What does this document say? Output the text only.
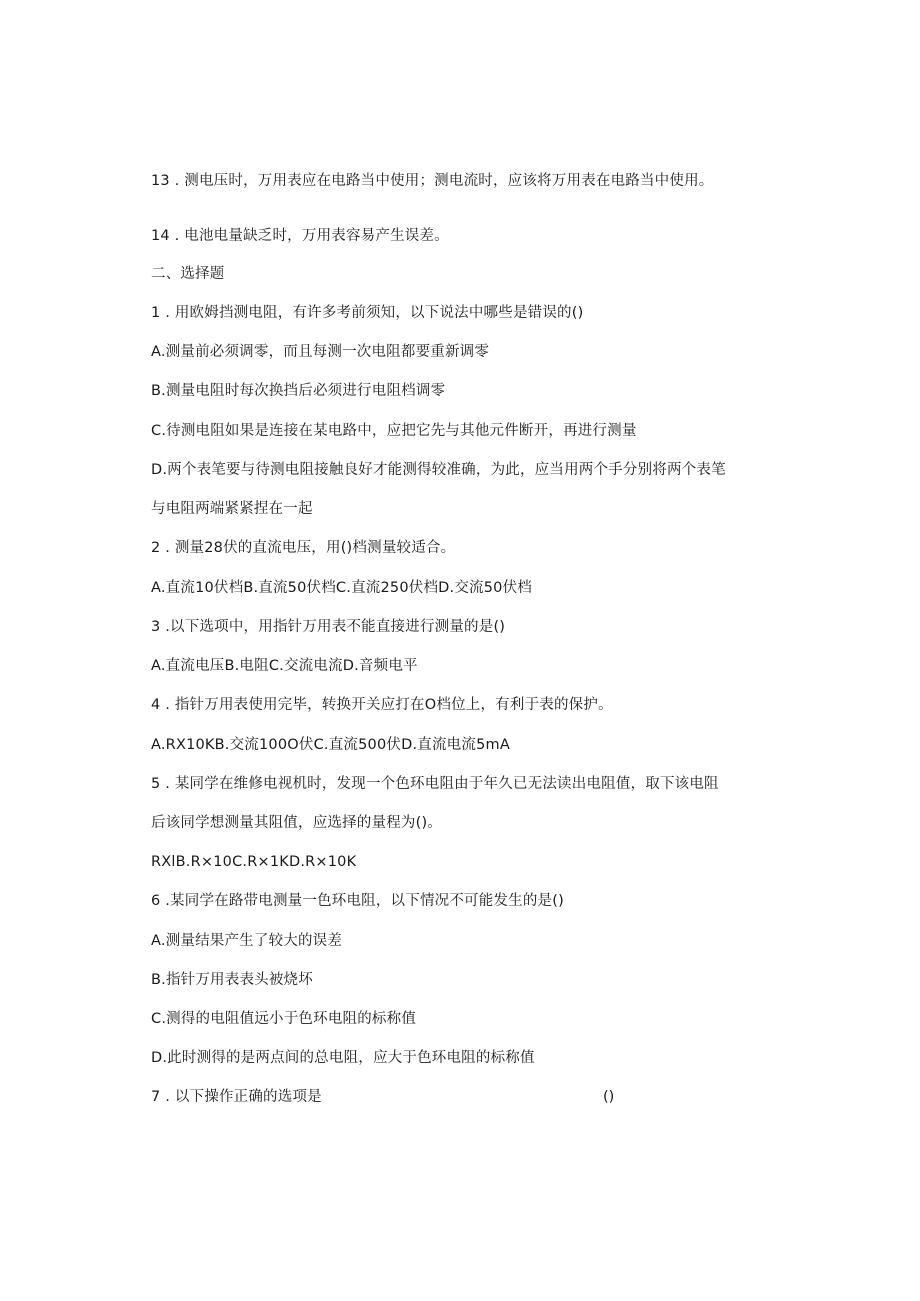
13 . 测电压时，万用表应在电路当中使用；测电流时，应该将万用表在电路当中使用。
14 . 电池电量缺乏时，万用表容易产生误差。
二、选择题
1 . 用欧姆挡测电阻，有许多考前须知，以下说法中哪些是错误的()
A.测量前必须调零，而且每测一次电阻都要重新调零
B.测量电阻时每次换挡后必须进行电阻档调零
C.待测电阻如果是连接在某电路中，应把它先与其他元件断开，再进行测量
D.两个表笔要与待测电阻接触良好才能测得较准确，为此，应当用两个手分别将两个表笔
与电阻两端紧紧捏在一起
2 . 测量28伏的直流电压，用()档测量较适合。
A.直流10伏档B.直流50伏档C.直流250伏档D.交流50伏档
3 .以下选项中，用指针万用表不能直接进行测量的是()
A.直流电压B.电阻C.交流电流D.音频电平
4 . 指针万用表使用完毕，转换开关应打在O档位上，有利于表的保护。
A.RX10KB.交流100O伏C.直流500伏D.直流电流5mA
5 . 某同学在维修电视机时，发现一个色环电阻由于年久已无法读出电阻值，取下该电阻
后该同学想测量其阻值，应选择的量程为()。
RXlB.R×10C.R×1KD.R×10K
6 .某同学在路带电测量一色环电阻，以下情况不可能发生的是()
A.测量结果产生了较大的误差
B.指针万用表表头被烧坏
C.测得的电阻值远小于色环电阻的标称值
D.此时测得的是两点间的总电阻，应大于色环电阻的标称值
7 . 以下操作正确的选项是	()
